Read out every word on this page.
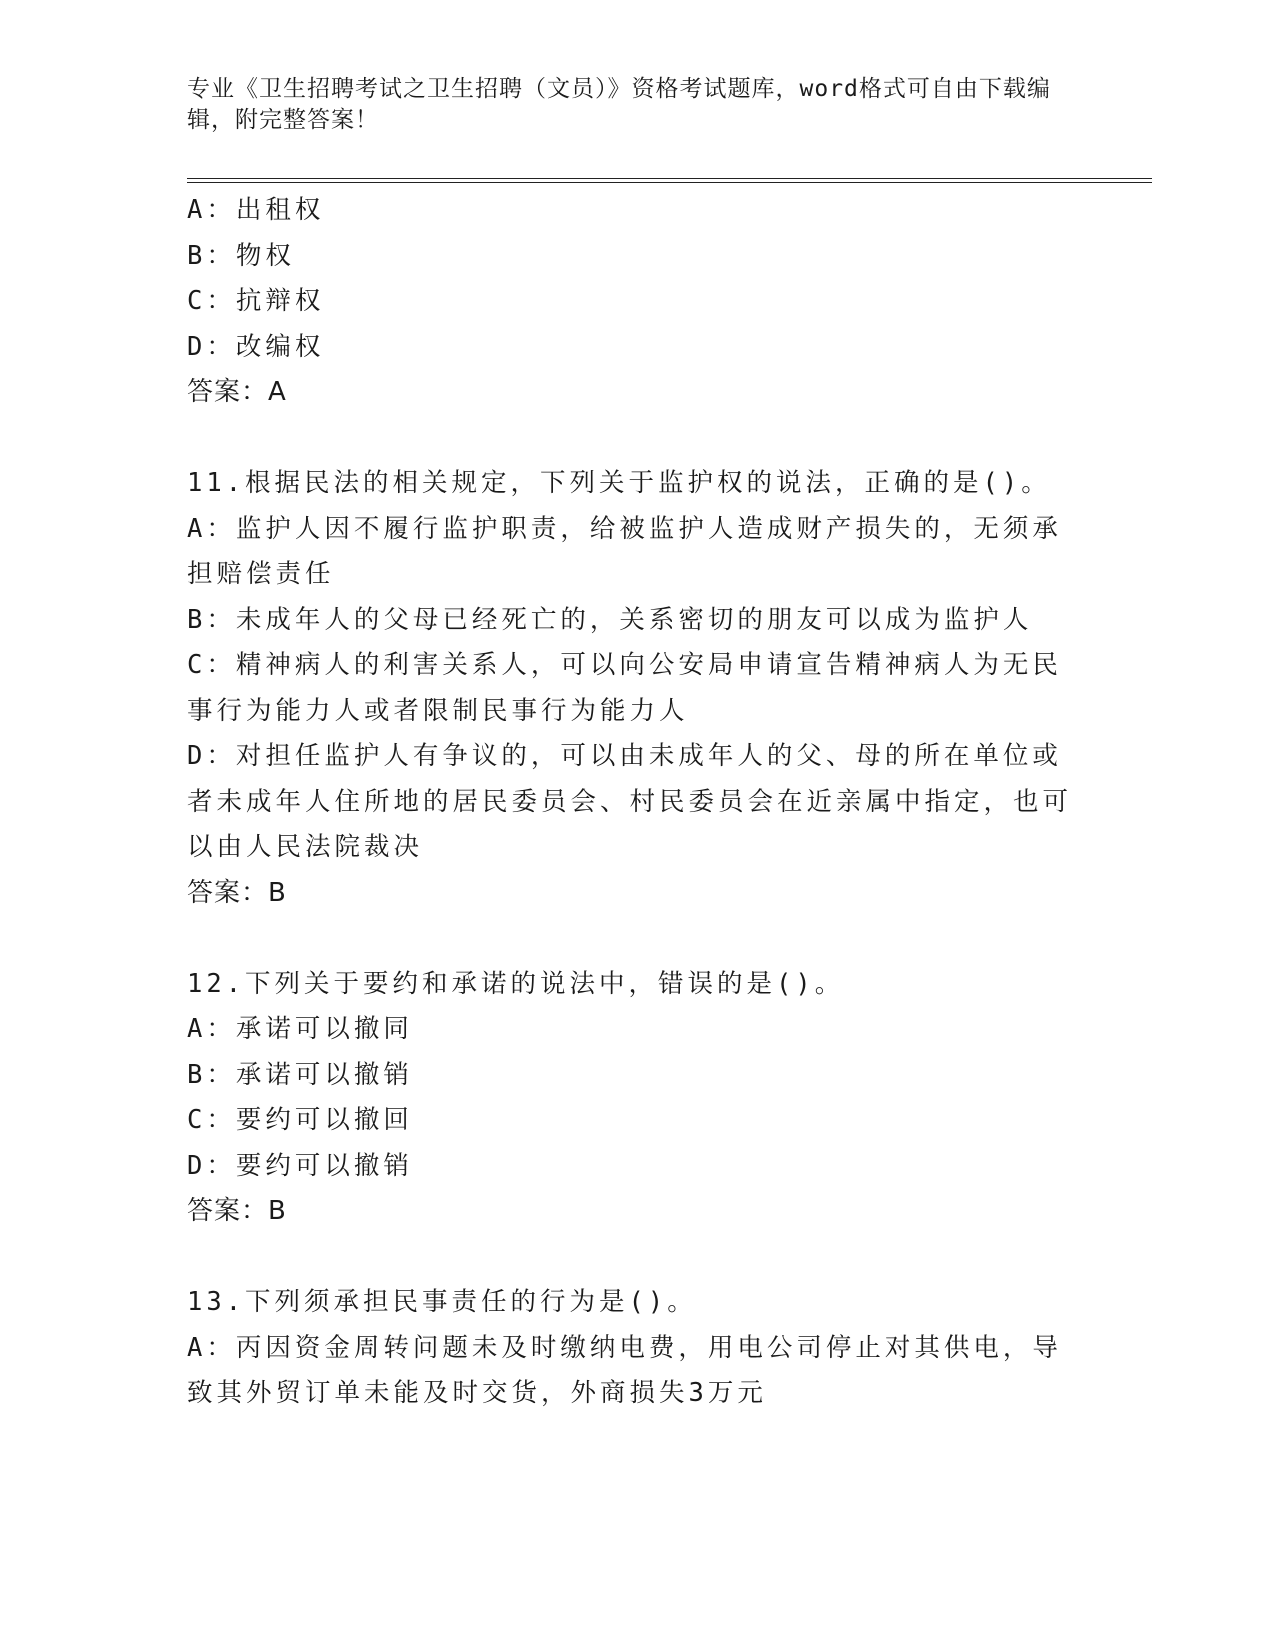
专业《卫生招聘考试之卫生招聘（文员）》资格考试题库，word格式可自由下载编辑，附完整答案！
A：出租权
B：物权
C：抗辩权
D：改编权
答案：A
11.根据民法的相关规定，下列关于监护权的说法，正确的是()。
A：监护人因不履行监护职责，给被监护人造成财产损失的，无须承担赔偿责任
B：未成年人的父母已经死亡的，关系密切的朋友可以成为监护人
C：精神病人的利害关系人，可以向公安局申请宣告精神病人为无民事行为能力人或者限制民事行为能力人
D：对担任监护人有争议的，可以由未成年人的父、母的所在单位或者未成年人住所地的居民委员会、村民委员会在近亲属中指定，也可以由人民法院裁决
答案：B
12.下列关于要约和承诺的说法中，错误的是()。
A：承诺可以撤同
B：承诺可以撤销
C：要约可以撤回
D：要约可以撤销
答案：B
13.下列须承担民事责任的行为是()。
A：丙因资金周转问题未及时缴纳电费，用电公司停止对其供电，导致其外贸订单未能及时交货，外商损失3万元
